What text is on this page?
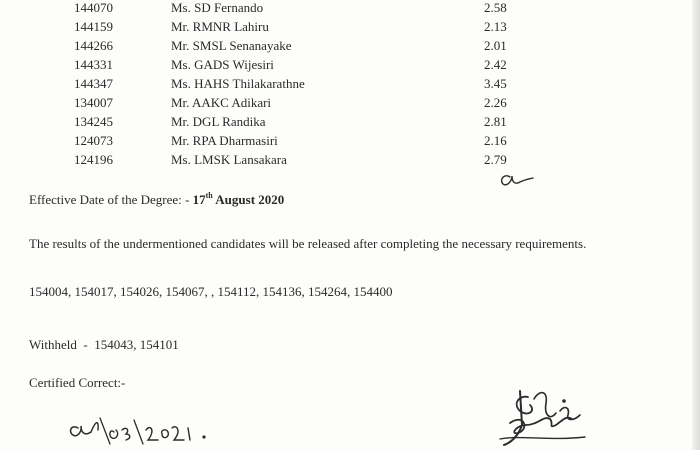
144070	Ms. SD Fernando	2.58
144159	Mr. RMNR Lahiru	2.13
144266	Mr. SMSL Senanayake	2.01
144331	Ms. GADS Wijesiri	2.42
144347	Ms. HAHS Thilakarathne	3.45
134007	Mr. AAKC Adikari	2.26
134245	Mr. DGL Randika	2.81
124073	Mr. RPA Dharmasiri	2.16
124196	Ms. LMSK Lansakara	2.79
Effective Date of the Degree: - 17th August 2020
The results of the undermentioned candidates will be released after completing the necessary requirements.
154004, 154017, 154026, 154067, , 154112, 154136, 154264, 154400
Withheld  -  154043, 154101
Certified Correct:-
